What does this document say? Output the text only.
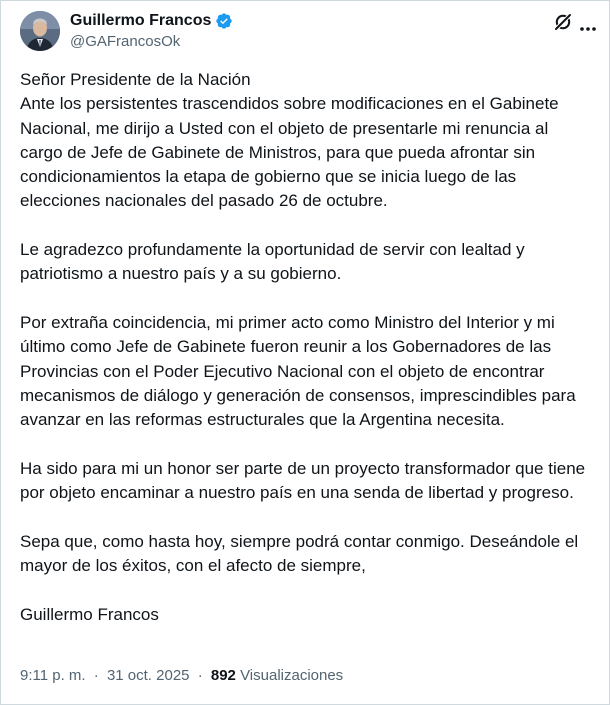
Guillermo Francos
@GAFrancosOk

Señor Presidente de la Nación
Ante los persistentes trascendidos sobre modificaciones en el Gabinete Nacional, me dirijo a Usted con el objeto de presentarle mi renuncia al cargo de Jefe de Gabinete de Ministros, para que pueda afrontar sin condicionamientos la etapa de gobierno que se inicia luego de las elecciones nacionales del pasado 26 de octubre.

Le agradezco profundamente la oportunidad de servir con lealtad y patriotismo a nuestro país y a su gobierno.

Por extraña coincidencia, mi primer acto como Ministro del Interior y mi último como Jefe de Gabinete fueron reunir a los Gobernadores de las Provincias con el Poder Ejecutivo Nacional con el objeto de encontrar mecanismos de diálogo y generación de consensos, imprescindibles para avanzar en las reformas estructurales que la Argentina necesita.

Ha sido para mi un honor ser parte de un proyecto transformador que tiene por objeto encaminar a nuestro país en una senda de libertad y progreso.

Sepa que, como hasta hoy, siempre podrá contar conmigo. Deseándole el mayor de los éxitos, con el afecto de siempre,

Guillermo Francos

9:11 p. m. · 31 oct. 2025 · 892 Visualizaciones
